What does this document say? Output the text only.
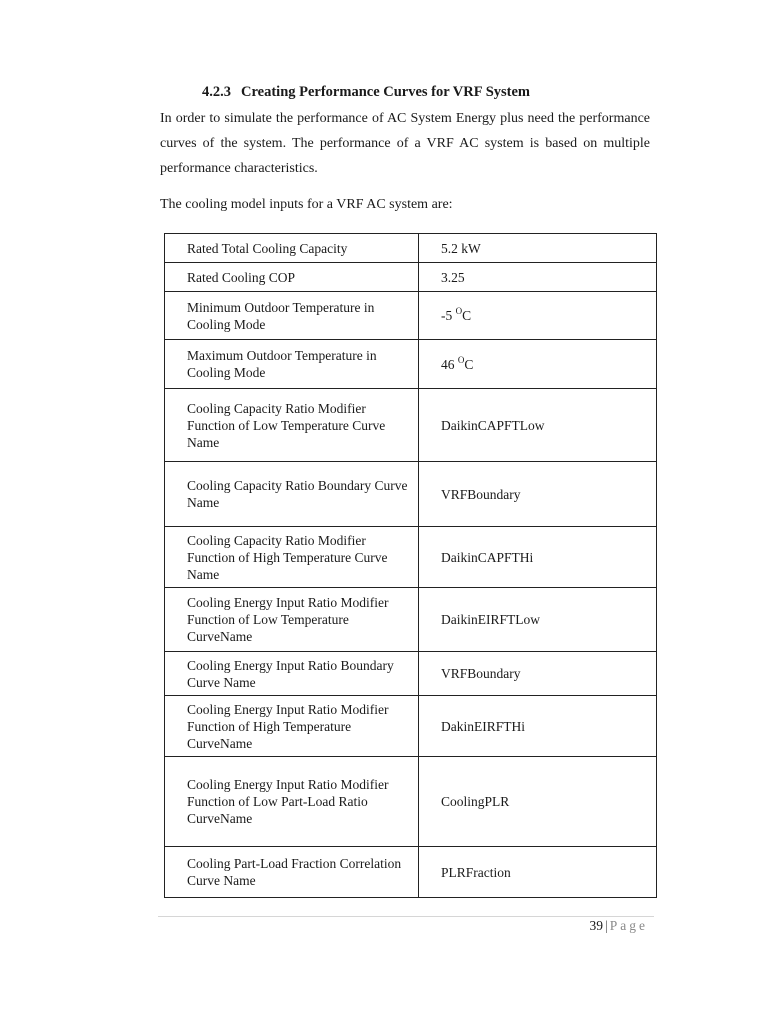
4.2.3 Creating Performance Curves for VRF System
In order to simulate the performance of AC System Energy plus need the performance
curves of the system. The performance of a VRF AC system is based on multiple
performance characteristics.
The cooling model inputs for a VRF AC system are:
Rated Total Cooling Capacity	5.2 kW
Rated Cooling COP	3.25
Minimum Outdoor Temperature in Cooling Mode	-5 $^O$C
Maximum Outdoor Temperature in Cooling Mode	46 $^O$C
Cooling Capacity Ratio Modifier Function of Low Temperature Curve Name	DaikinCAPFTLow
Cooling Capacity Ratio Boundary Curve Name	VRFBoundary
Cooling Capacity Ratio Modifier Function of High Temperature Curve Name	DaikinCAPFTHi
Cooling Energy Input Ratio Modifier Function of Low Temperature CurveName	DaikinEIRFTLow
Cooling Energy Input Ratio Boundary Curve Name	VRFBoundary
Cooling Energy Input Ratio Modifier Function of High Temperature CurveName	DakinEIRFTHi
Cooling Energy Input Ratio Modifier Function of Low Part-Load Ratio CurveName	CoolingPLR
Cooling Part-Load Fraction Correlation Curve Name	PLRFraction
39 | Page
